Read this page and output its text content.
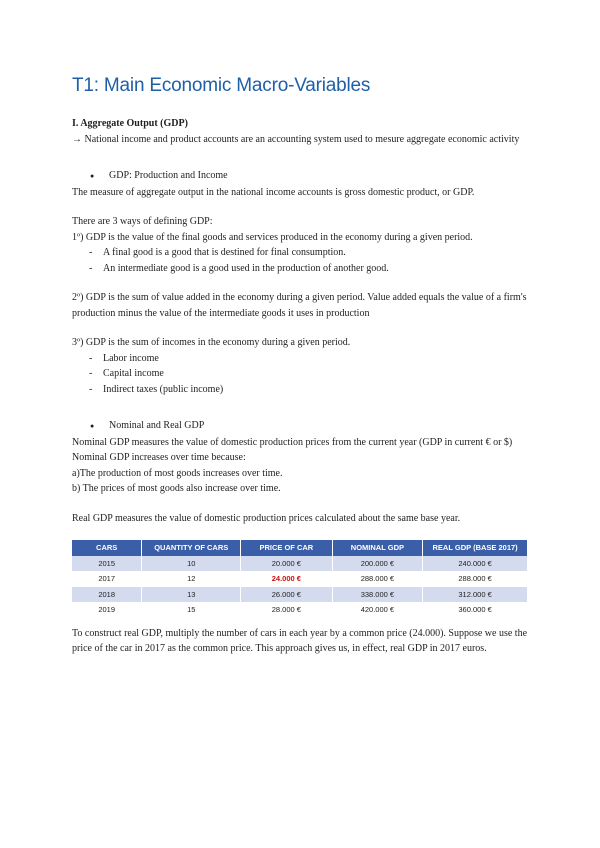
T1: Main Economic Macro-Variables

I. Aggregate Output (GDP)

→ National income and product accounts are an accounting system used to mesure aggregate economic activity

●	GDP: Production and Income

The measure of aggregate output in the national income accounts is gross domestic product, or GDP.

There are 3 ways of defining GDP:

1º) GDP is the value of the final goods and services produced in the economy during a given period.

-	A final good is a good that is destined for final consumption.
-	An intermediate good is a good used in the production of another good.

2º) GDP is the sum of value added in the economy during a given period. Value added equals the value of a firm's production minus the value of the intermediate goods it uses in production

3º) GDP is the sum of incomes in the economy during a given period.

-	Labor income
-	Capital income
-	Indirect taxes (public income)
●	Nominal and Real GDP

Nominal GDP measures the value of domestic production prices from the current year (GDP in current € or $)

Nominal GDP increases over time because:

a)The production of most goods increases over time.

b) The prices of most goods also increase over time.

Real GDP measures the value of domestic production prices calculated about the same base year.

CARS	QUANTITY OF CARS	PRICE OF CAR	NOMINAL GDP	REAL GDP (BASE 2017)
2015	10	20.000 €	200.000 €	240.000 €
2017	12	24.000 €	288.000 €	288.000 €
2018	13	26.000 €	338.000 €	312.000 €
2019	15	28.000 €	420.000 €	360.000 €

To construct real GDP, multiply the number of cars in each year by a common price (24.000). Suppose we use the price of the car in 2017 as the common price. This approach gives us, in effect, real GDP in 2017 euros.
